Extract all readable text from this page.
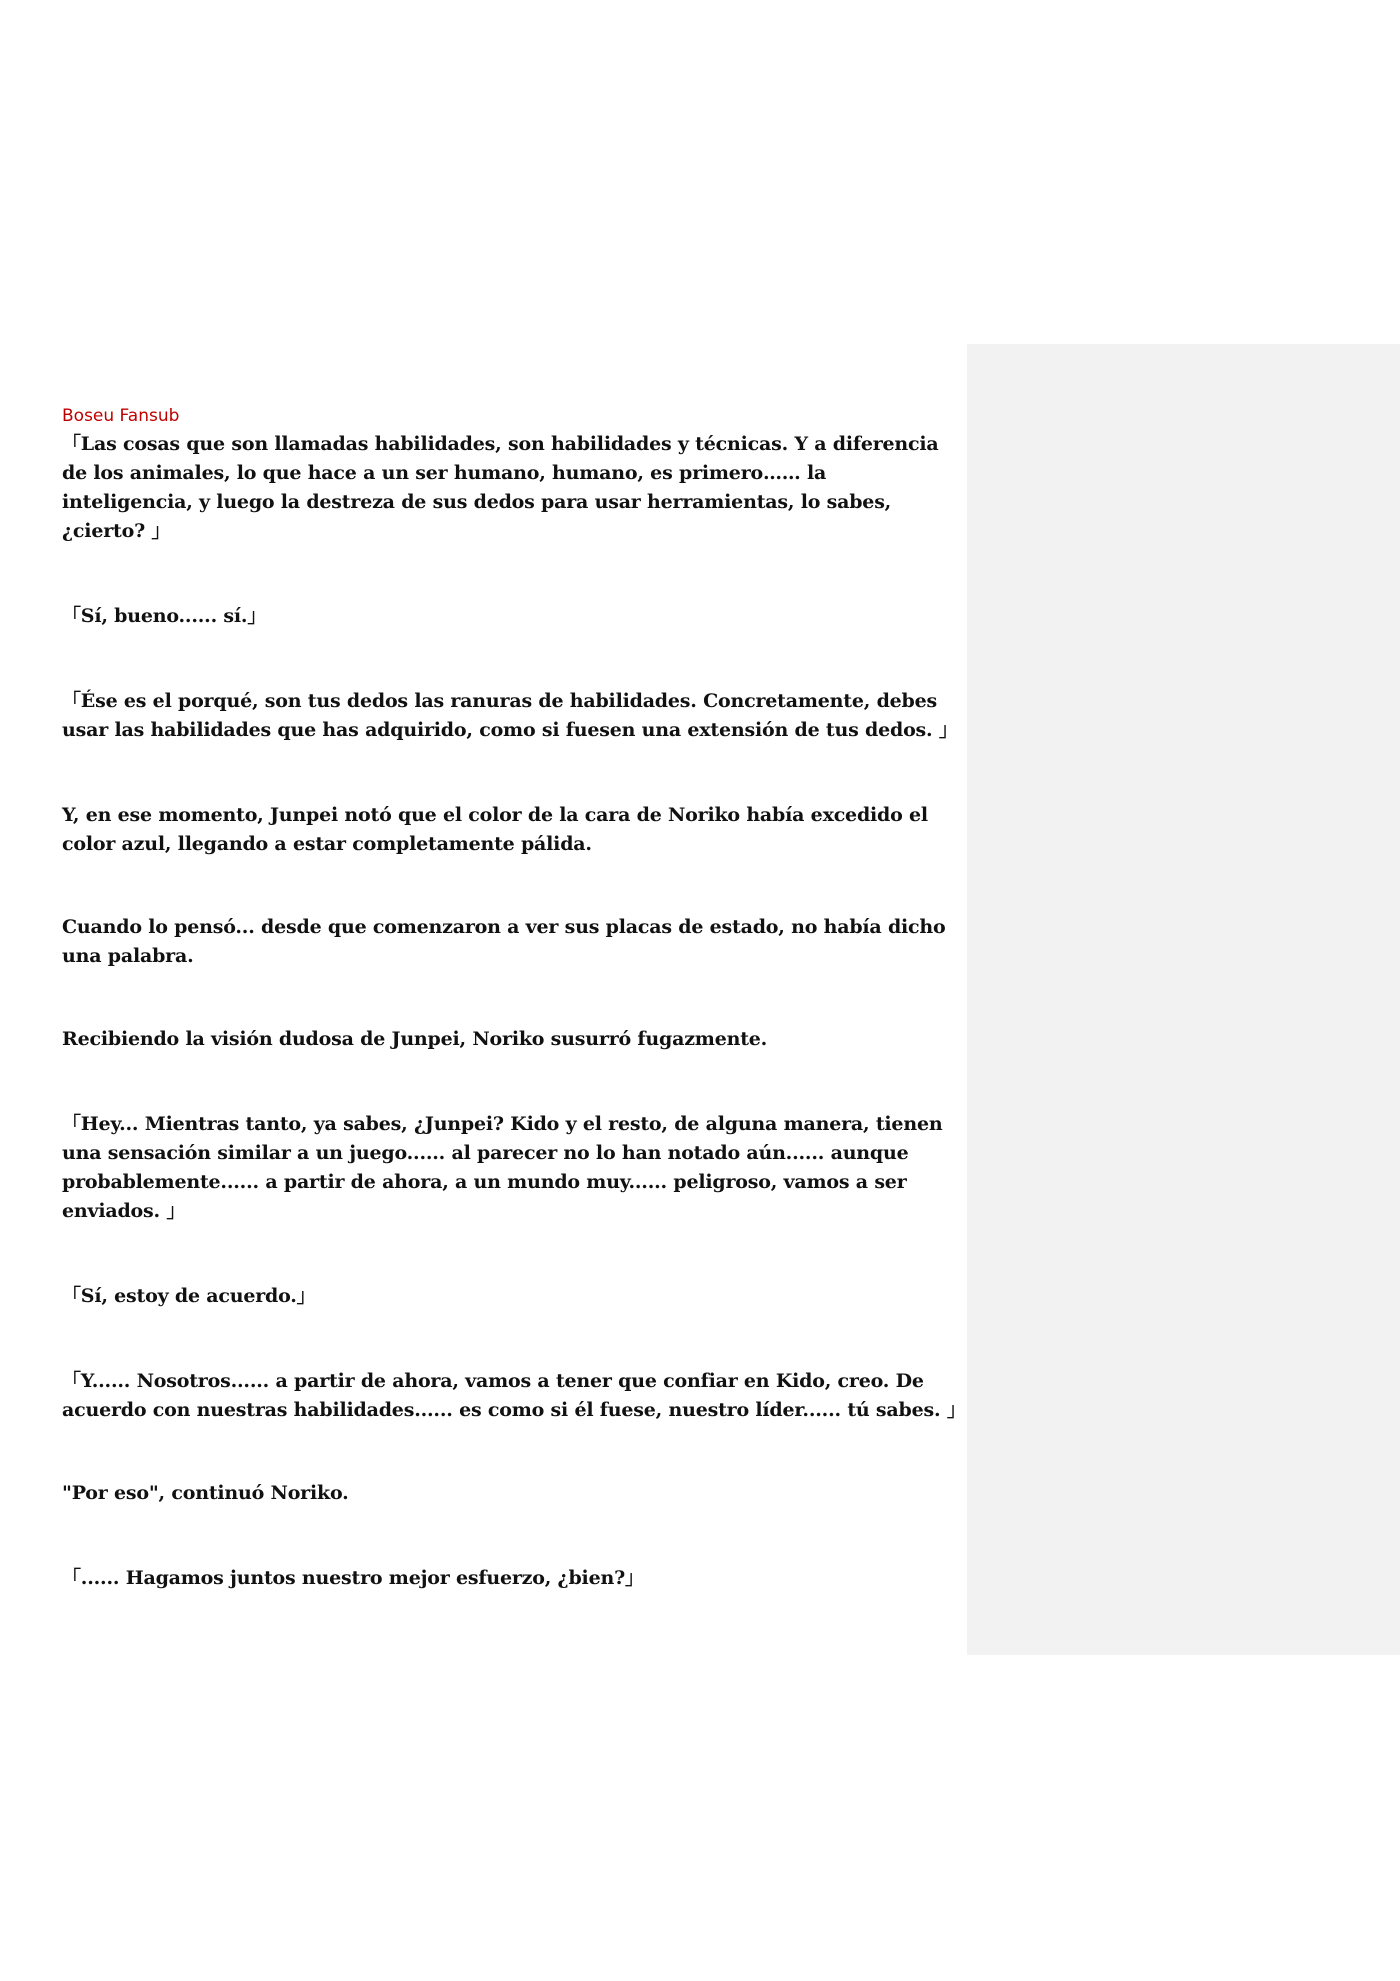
Boseu Fansub

「Las cosas que son llamadas habilidades, son habilidades y técnicas. Y a diferencia de los animales, lo que hace a un ser humano, humano, es primero…… la inteligencia, y luego la destreza de sus dedos para usar herramientas, lo sabes, ¿cierto? 」

「Sí, bueno...... sí.」

「Ése es el porqué, son tus dedos las ranuras de habilidades. Concretamente, debes usar las habilidades que has adquirido, como si fuesen una extensión de tus dedos. 」

Y, en ese momento, Junpei notó que el color de la cara de Noriko había excedido el color azul, llegando a estar completamente pálida.

Cuando lo pensó... desde que comenzaron a ver sus placas de estado, no había dicho una palabra.

Recibiendo la visión dudosa de Junpei, Noriko susurró fugazmente.

「Hey... Mientras tanto, ya sabes, ¿Junpei? Kido y el resto, de alguna manera, tienen una sensación similar a un juego...... al parecer no lo han notado aún...... aunque probablemente...... a partir de ahora, a un mundo muy...... peligroso, vamos a ser enviados. 」

「Sí, estoy de acuerdo.」

「Y...... Nosotros...... a partir de ahora, vamos a tener que confiar en Kido, creo. De acuerdo con nuestras habilidades...... es como si él fuese, nuestro líder...... tú sabes. 」

"Por eso", continuó Noriko.

「...... Hagamos juntos nuestro mejor esfuerzo, ¿bien?」
